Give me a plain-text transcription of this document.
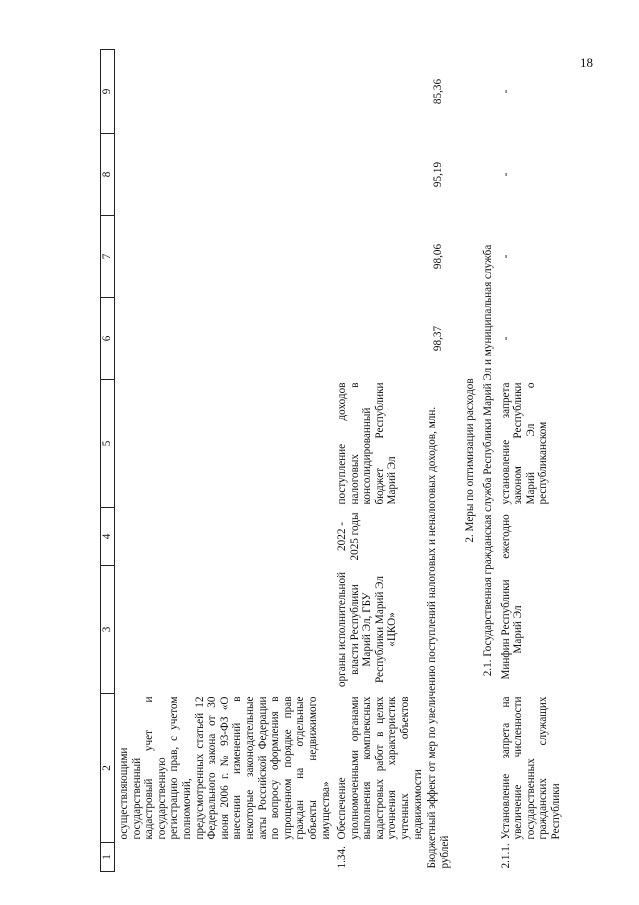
18
1	2	3	4	5	6	7	8	9
	осуществляющими государственный кадастровый учет и государственную регистрацию прав, с учетом полномочий, предусмотренных статьей 12 Федерального закона от 30 июня 2006 г. № 93-ФЗ «О внесении изменений в некоторые законодательные акты Российской Федерации по вопросу оформления в упрощенном порядке прав граждан на отдельные объекты недвижимого имущества»							
1.34.	Обеспечение уполномоченными органами выполнения комплексных кадастровых работ в целях уточнения характеристик учтенных объектов недвижимости	органы исполнительной власти Республики Марий Эл, ГБУ Республики Марий Эл «ЦКО»	2022 - 2025 годы	поступление доходов налоговых в консолидированный бюджет Республики Марий Эл				
Бюджетный эффект от мер по увеличению поступлений налоговых и неналоговых доходов, млн. рублей					98,37	98,06	95,19	85,36
2. Меры по оптимизации расходов								
2.1. Государственная гражданская служба Республики Марий Эл и муниципальная служба								
2.1.1.	Установление запрета на увеличение численности государственных гражданских служащих Республики	Минфин Республики Марий Эл	ежегодно	установление запрета законом Республики Марий Эл о республиканском	-	-	-	-
